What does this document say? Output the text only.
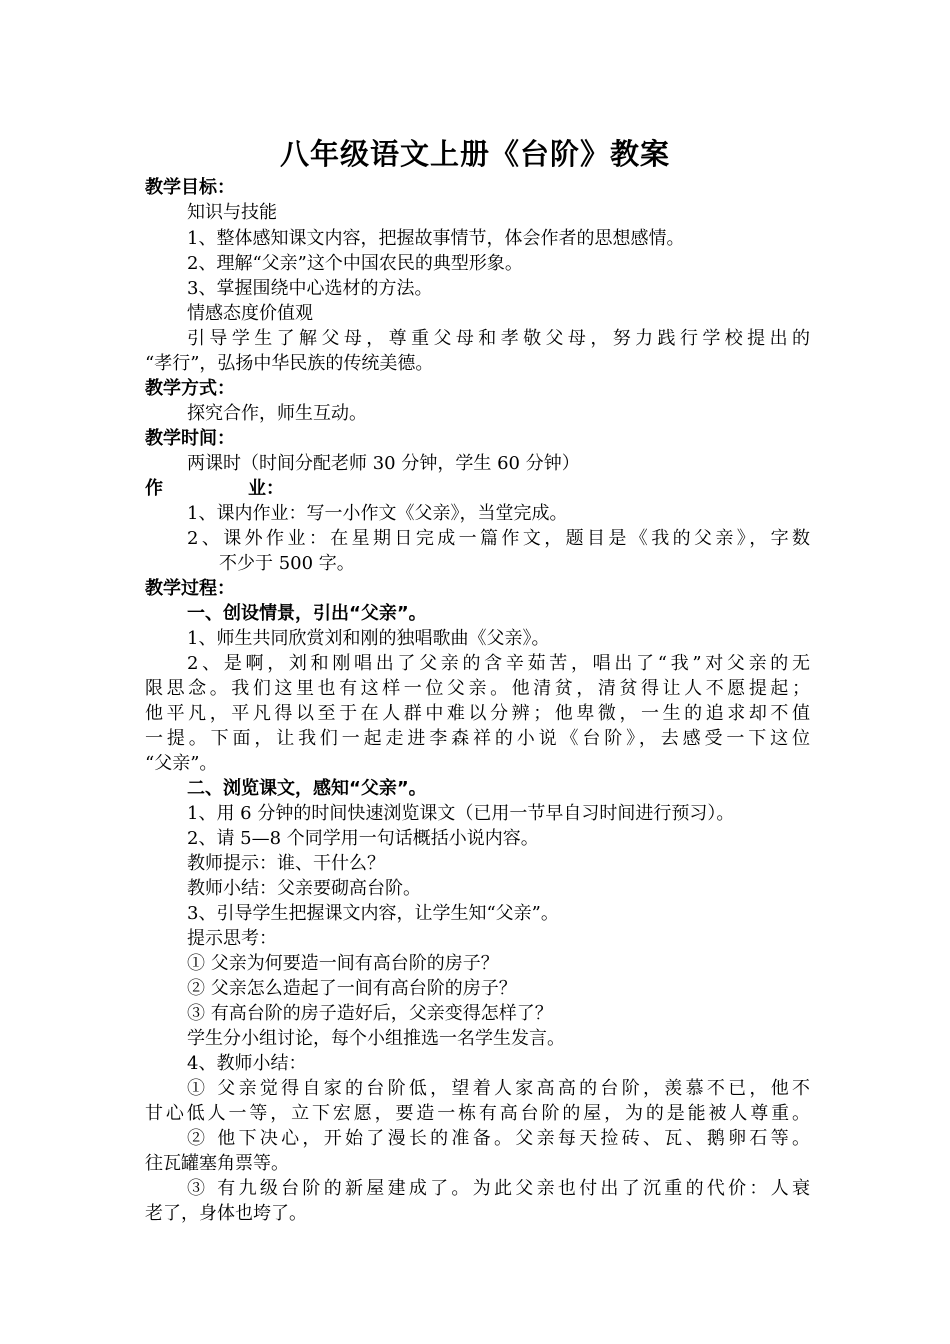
八年级语文上册《台阶》教案
教学目标：
知识与技能
1、整体感知课文内容，把握故事情节，体会作者的思想感情。
2、理解“父亲”这个中国农民的典型形象。
3、掌握围绕中心选材的方法。
情感态度价值观
引导学生了解父母，尊重父母和孝敬父母，努力践行学校提出的
“孝行”，弘扬中华民族的传统美德。
教学方式：
探究合作，师生互动。
教学时间：
两课时（时间分配老师 30 分钟，学生 60 分钟）
作	业：
1、课内作业：写一小作文《父亲》，当堂完成。
2、课外作业：在星期日完成一篇作文，题目是《我的父亲》，字数
不少于 500 字。
教学过程：
一、创设情景，引出“父亲”。
1、师生共同欣赏刘和刚的独唱歌曲《父亲》。
2、是啊，刘和刚唱出了父亲的含辛茹苦，唱出了“我”对父亲的无
限思念。我们这里也有这样一位父亲。他清贫，清贫得让人不愿提起；
他平凡，平凡得以至于在人群中难以分辨；他卑微，一生的追求却不值
一提。下面，让我们一起走进李森祥的小说《台阶》，去感受一下这位
“父亲”。
二、浏览课文，感知“父亲”。
1、用 6 分钟的时间快速浏览课文（已用一节早自习时间进行预习）。
2、请 5—8 个同学用一句话概括小说内容。
教师提示：谁、干什么？
教师小结：父亲要砌高台阶。
3、引导学生把握课文内容，让学生知“父亲”。
提示思考：
① 父亲为何要造一间有高台阶的房子？
② 父亲怎么造起了一间有高台阶的房子？
③ 有高台阶的房子造好后，父亲变得怎样了？
学生分小组讨论，每个小组推选一名学生发言。
4、教师小结：
① 父亲觉得自家的台阶低，望着人家高高的台阶，羡慕不已，他不
甘心低人一等，立下宏愿，要造一栋有高台阶的屋，为的是能被人尊重。
② 他下决心，开始了漫长的准备。父亲每天捡砖、瓦、鹅卵石等。
往瓦罐塞角票等。
③ 有九级台阶的新屋建成了。为此父亲也付出了沉重的代价：人衰
老了，身体也垮了。
